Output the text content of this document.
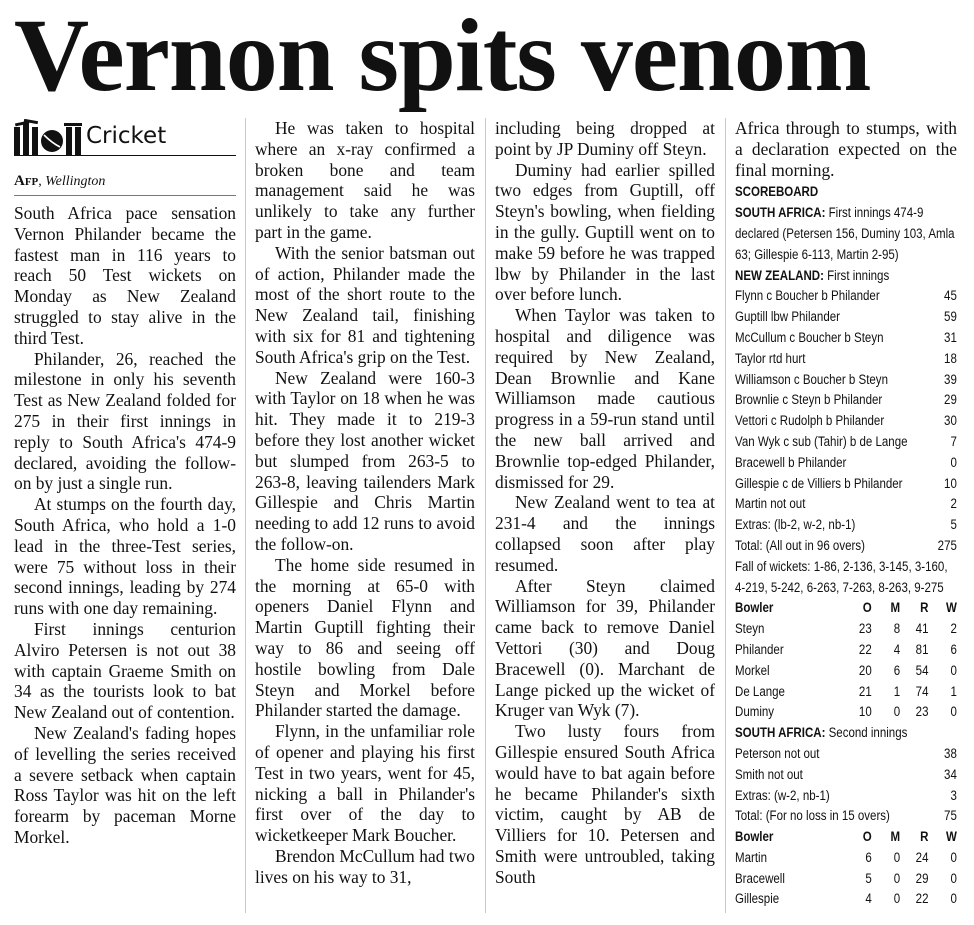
Vernon spits venom
Cricket
Afp, Wellington

South Africa pace sensation Vernon Philander became the fastest man in 116 years to reach 50 Test wickets on Monday as New Zealand struggled to stay alive in the third Test.

Philander, 26, reached the milestone in only his seventh Test as New Zealand folded for 275 in their first innings in reply to South Africa's 474-9 declared, avoiding the follow-on by just a single run.

At stumps on the fourth day, South Africa, who hold a 1-0 lead in the three-Test series, were 75 without loss in their second innings, leading by 274 runs with one day remaining.

First innings centurion Alviro Petersen is not out 38 with captain Graeme Smith on 34 as the tourists look to bat New Zealand out of contention.

New Zealand's fading hopes of levelling the series received a severe setback when captain Ross Taylor was hit on the left forearm by paceman Morne Morkel.

He was taken to hospital where an x-ray confirmed a broken bone and team management said he was unlikely to take any further part in the game.

With the senior batsman out of action, Philander made the most of the short route to the New Zealand tail, finishing with six for 81 and tightening South Africa's grip on the Test.

New Zealand were 160-3 with Taylor on 18 when he was hit. They made it to 219-3 before they lost another wicket but slumped from 263-5 to 263-8, leaving tailenders Mark Gillespie and Chris Martin needing to add 12 runs to avoid the follow-on.

The home side resumed in the morning at 65-0 with openers Daniel Flynn and Martin Guptill fighting their way to 86 and seeing off hostile bowling from Dale Steyn and Morkel before Philander started the damage.

Flynn, in the unfamiliar role of opener and playing his first Test in two years, went for 45, nicking a ball in Philander's first over of the day to wicketkeeper Mark Boucher.

Brendon McCullum had two lives on his way to 31,

including being dropped at point by JP Duminy off Steyn.

Duminy had earlier spilled two edges from Guptill, off Steyn's bowling, when fielding in the gully. Guptill went on to make 59 before he was trapped lbw by Philander in the last over before lunch.

When Taylor was taken to hospital and diligence was required by New Zealand, Dean Brownlie and Kane Williamson made cautious progress in a 59-run stand until the new ball arrived and Brownlie top-edged Philander, dismissed for 29.

New Zealand went to tea at 231-4 and the innings collapsed soon after play resumed.

After Steyn claimed Williamson for 39, Philander came back to remove Daniel Vettori (30) and Doug Bracewell (0). Marchant de Lange picked up the wicket of Kruger van Wyk (7).

Two lusty fours from Gillespie ensured South Africa would have to bat again before he became Philander's sixth victim, caught by AB de Villiers for 10. Petersen and Smith were untroubled, taking South

Africa through to stumps, with a declaration expected on the final morning.

SCOREBOARD
SOUTH AFRICA: First innings 474-9 declared (Petersen 156, Duminy 103, Amla 63; Gillespie 6-113, Martin 2-95)
NEW ZEALAND: First innings
Flynn c Boucher b Philander	45
Guptill lbw Philander	59
McCullum c Boucher b Steyn	31
Taylor rtd hurt	18
Williamson c Boucher b Steyn	39
Brownlie c Steyn b Philander	29
Vettori c Rudolph b Philander	30
Van Wyk c sub (Tahir) b de Lange	7
Bracewell b Philander	0
Gillespie c de Villiers b Philander	10
Martin not out	2
Extras: (lb-2, w-2, nb-1)	5
Total: (All out in 96 overs)	275
Fall of wickets: 1-86, 2-136, 3-145, 3-160, 4-219, 5-242, 6-263, 7-263, 8-263, 9-275
Bowler	O	M	R	W
Steyn	23	8	41	2
Philander	22	4	81	6
Morkel	20	6	54	0
De Lange	21	1	74	1
Duminy	10	0	23	0
SOUTH AFRICA: Second innings
Peterson not out	38
Smith not out	34
Extras: (w-2, nb-1)	3
Total: (For no loss in 15 overs)	75
Bowler	O	M	R	W
Martin	6	0	24	0
Bracewell	5	0	29	0
Gillespie	4	0	22	0
